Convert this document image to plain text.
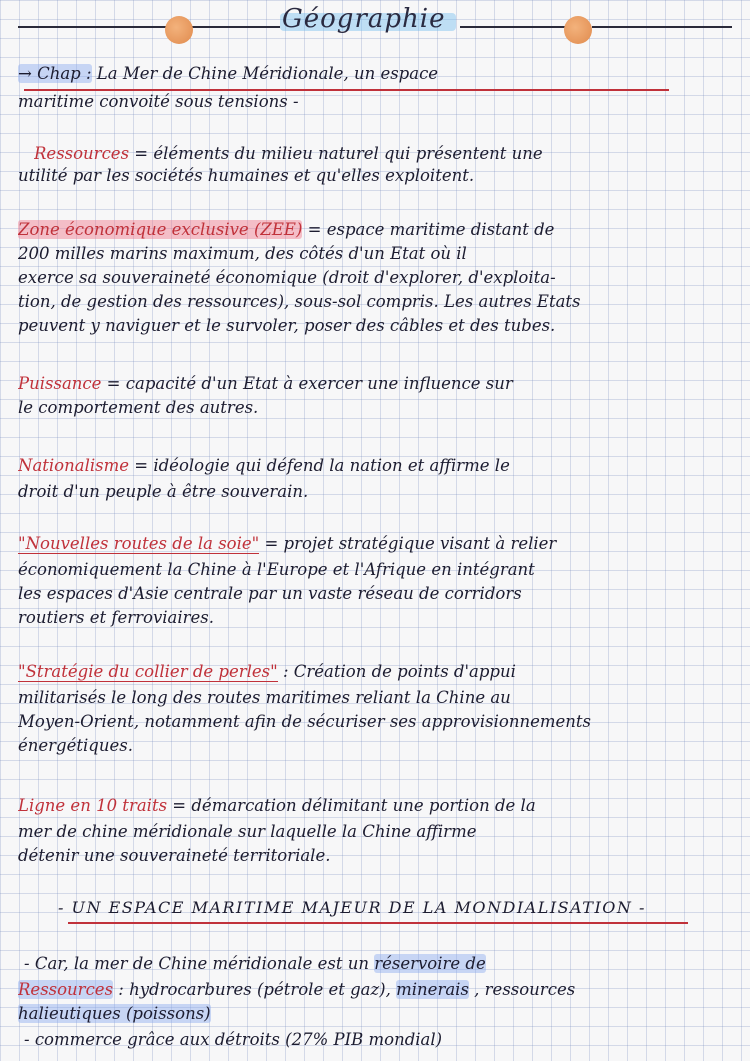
Géographie
→ Chap : La Mer de Chine Méridionale, un espace
maritime convoité sous tensions -
Ressources = éléments du milieu naturel qui présentent une
utilité par les sociétés humaines et qu'elles exploitent.
Zone économique exclusive (ZEE) = espace maritime distant de
200 milles marins maximum, des côtés d'un Etat où il
exerce sa souveraineté économique (droit d'explorer, d'exploita-
tion, de gestion des ressources), sous-sol compris. Les autres Etats
peuvent y naviguer et le survoler, poser des câbles et des tubes.
Puissance = capacité d'un Etat à exercer une influence sur
le comportement des autres.
Nationalisme = idéologie qui défend la nation et affirme le
droit d'un peuple à être souverain.
"Nouvelles routes de la soie" = projet stratégique visant à relier
économiquement la Chine à l'Europe et l'Afrique en intégrant
les espaces d'Asie centrale par un vaste réseau de corridors
routiers et ferroviaires.
"Stratégie du collier de perles" : Création de points d'appui
militarisés le long des routes maritimes reliant la Chine au
Moyen-Orient, notamment afin de sécuriser ses approvisionnements
énergétiques.
Ligne en 10 traits = démarcation délimitant une portion de la
mer de chine méridionale sur laquelle la Chine affirme
détenir une souveraineté territoriale.
- UN ESPACE MARITIME MAJEUR DE LA MONDIALISATION -
- Car, la mer de Chine méridionale est un réservoire de
Ressources : hydrocarbures (pétrole et gaz), minerais , ressources
halieutiques (poissons)
- commerce grâce aux détroits (27% PIB mondial)
